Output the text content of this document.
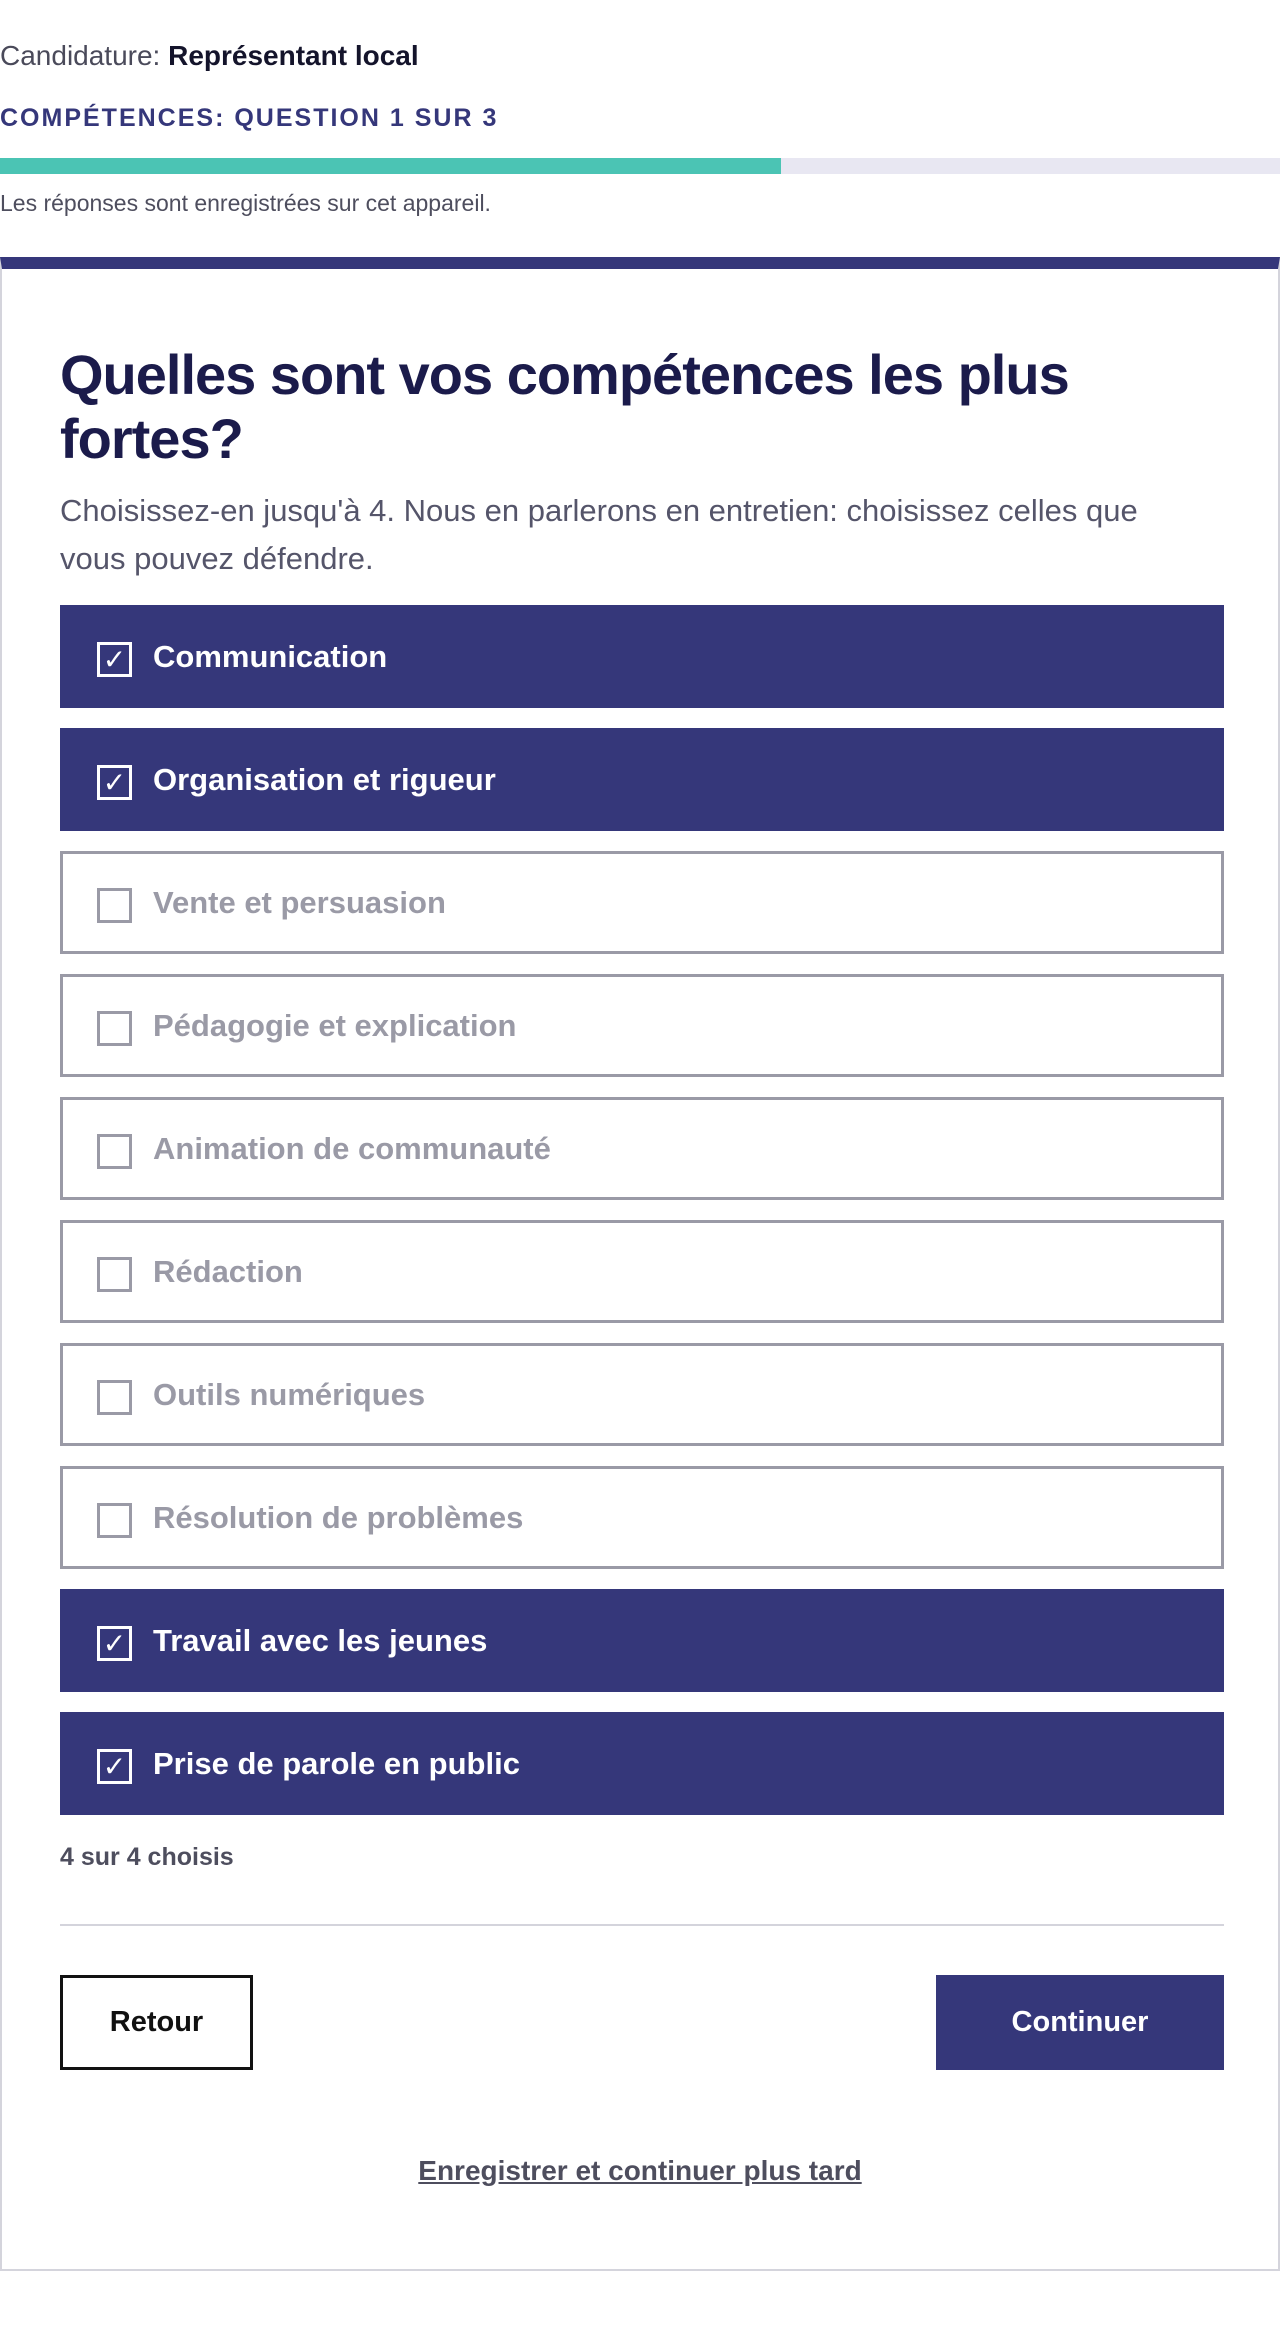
Candidature: Représentant local
COMPÉTENCES: QUESTION 1 SUR 3
Les réponses sont enregistrées sur cet appareil.
Quelles sont vos compétences les plus fortes?

Choisissez-en jusqu'à 4. Nous en parlerons en entretien: choisissez celles que vous pouvez défendre.

✓ Communication
✓ Organisation et rigueur
Vente et persuasion
Pédagogie et explication
Animation de communauté
Rédaction
Outils numériques
Résolution de problèmes
✓ Travail avec les jeunes
✓ Prise de parole en public
4 sur 4 choisis
Retour	Continuer
Enregistrer et continuer plus tard
